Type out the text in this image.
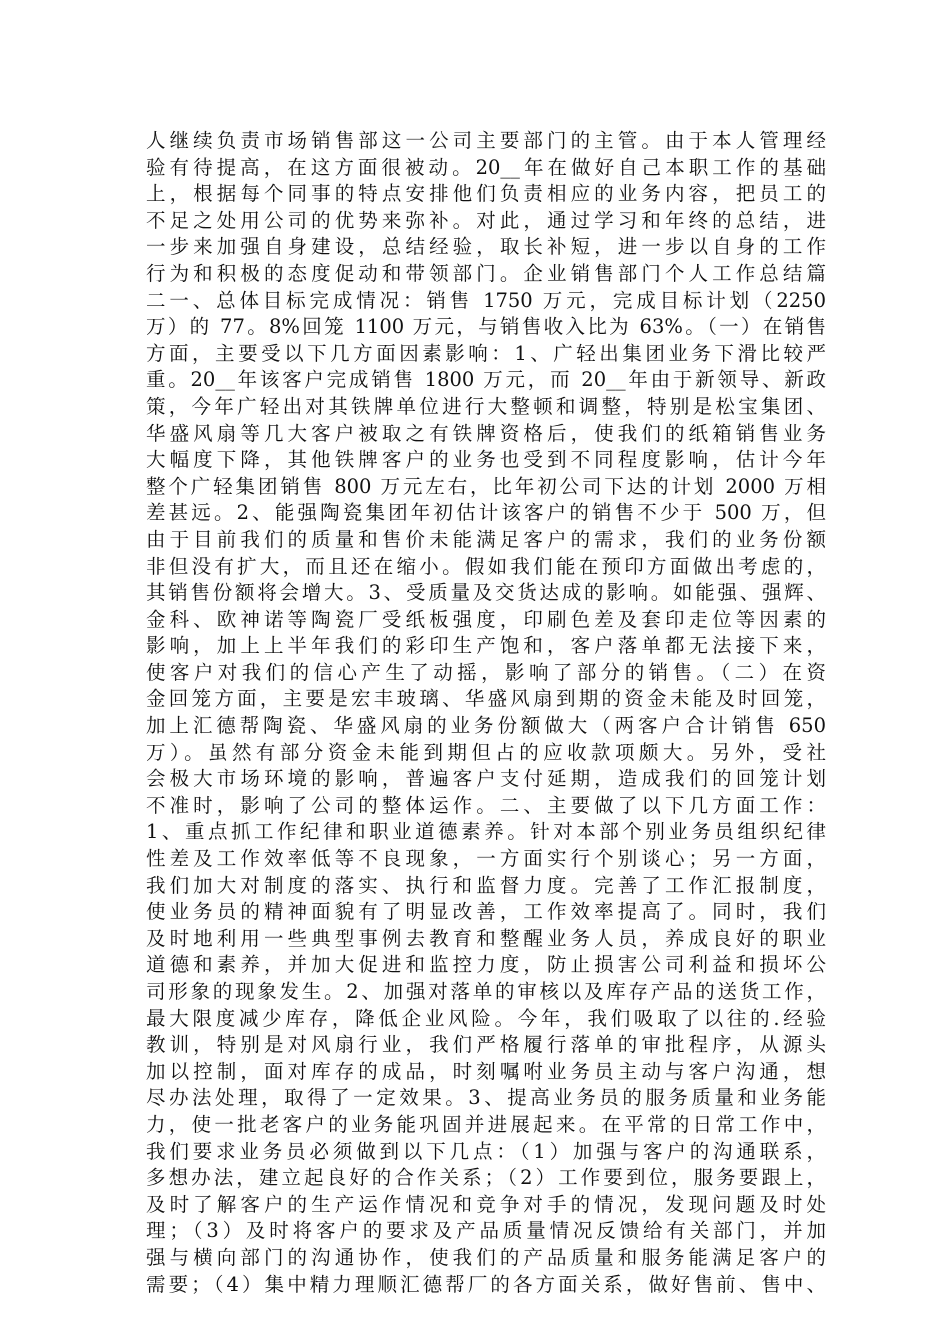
人继续负责市场销售部这一公司主要部门的主管。由于本人管理经
验有待提高，在这方面很被动。20__年在做好自己本职工作的基础
上，根据每个同事的特点安排他们负责相应的业务内容，把员工的
不足之处用公司的优势来弥补。对此，通过学习和年终的总结，进
一步来加强自身建设，总结经验，取长补短，进一步以自身的工作
行为和积极的态度促动和带领部门。企业销售部门个人工作总结篇
二一、总体目标完成情况：销售 1750 万元，完成目标计划（2250
万）的 77。8%回笼 1100 万元，与销售收入比为 63%。（一）在销售
方面，主要受以下几方面因素影响：1、广轻出集团业务下滑比较严
重。20__年该客户完成销售 1800 万元，而 20__年由于新领导、新政
策，今年广轻出对其铁牌单位进行大整顿和调整，特别是松宝集团、
华盛风扇等几大客户被取之有铁牌资格后，使我们的纸箱销售业务
大幅度下降，其他铁牌客户的业务也受到不同程度影响，估计今年
整个广轻集团销售 800 万元左右，比年初公司下达的计划 2000 万相
差甚远。2、能强陶瓷集团年初估计该客户的销售不少于 500 万，但
由于目前我们的质量和售价未能满足客户的需求，我们的业务份额
非但没有扩大，而且还在缩小。假如我们能在预印方面做出考虑的，
其销售份额将会增大。3、受质量及交货达成的影响。如能强、强辉、
金科、欧神诺等陶瓷厂受纸板强度，印刷色差及套印走位等因素的
影响，加上上半年我们的彩印生产饱和，客户落单都无法接下来，
使客户对我们的信心产生了动摇，影响了部分的销售。（二）在资
金回笼方面，主要是宏丰玻璃、华盛风扇到期的资金未能及时回笼，
加上汇德帮陶瓷、华盛风扇的业务份额做大（两客户合计销售 650
万）。虽然有部分资金未能到期但占的应收款项颇大。另外，受社
会极大市场环境的影响，普遍客户支付延期，造成我们的回笼计划
不准时，影响了公司的整体运作。二、主要做了以下几方面工作：
1、重点抓工作纪律和职业道德素养。针对本部个别业务员组织纪律
性差及工作效率低等不良现象，一方面实行个别谈心；另一方面，
我们加大对制度的落实、执行和监督力度。完善了工作汇报制度，
使业务员的精神面貌有了明显改善，工作效率提高了。同时，我们
及时地利用一些典型事例去教育和整醒业务人员，养成良好的职业
道德和素养，并加大促进和监控力度，防止损害公司利益和损坏公
司形象的现象发生。2、加强对落单的审核以及库存产品的送货工作，
最大限度减少库存，降低企业风险。今年，我们吸取了以往的.经验
教训，特别是对风扇行业，我们严格履行落单的审批程序，从源头
加以控制，面对库存的成品，时刻嘱咐业务员主动与客户沟通，想
尽办法处理，取得了一定效果。3、提高业务员的服务质量和业务能
力，使一批老客户的业务能巩固并进展起来。在平常的日常工作中，
我们要求业务员必须做到以下几点：（1）加强与客户的沟通联系，
多想办法，建立起良好的合作关系；（2）工作要到位，服务要跟上，
及时了解客户的生产运作情况和竞争对手的情况，发现问题及时处
理；（3）及时将客户的要求及产品质量情况反馈给有关部门，并加
强与横向部门的沟通协作，使我们的产品质量和服务能满足客户的
需要；（4）集中精力理顺汇德帮厂的各方面关系，做好售前、售中、
